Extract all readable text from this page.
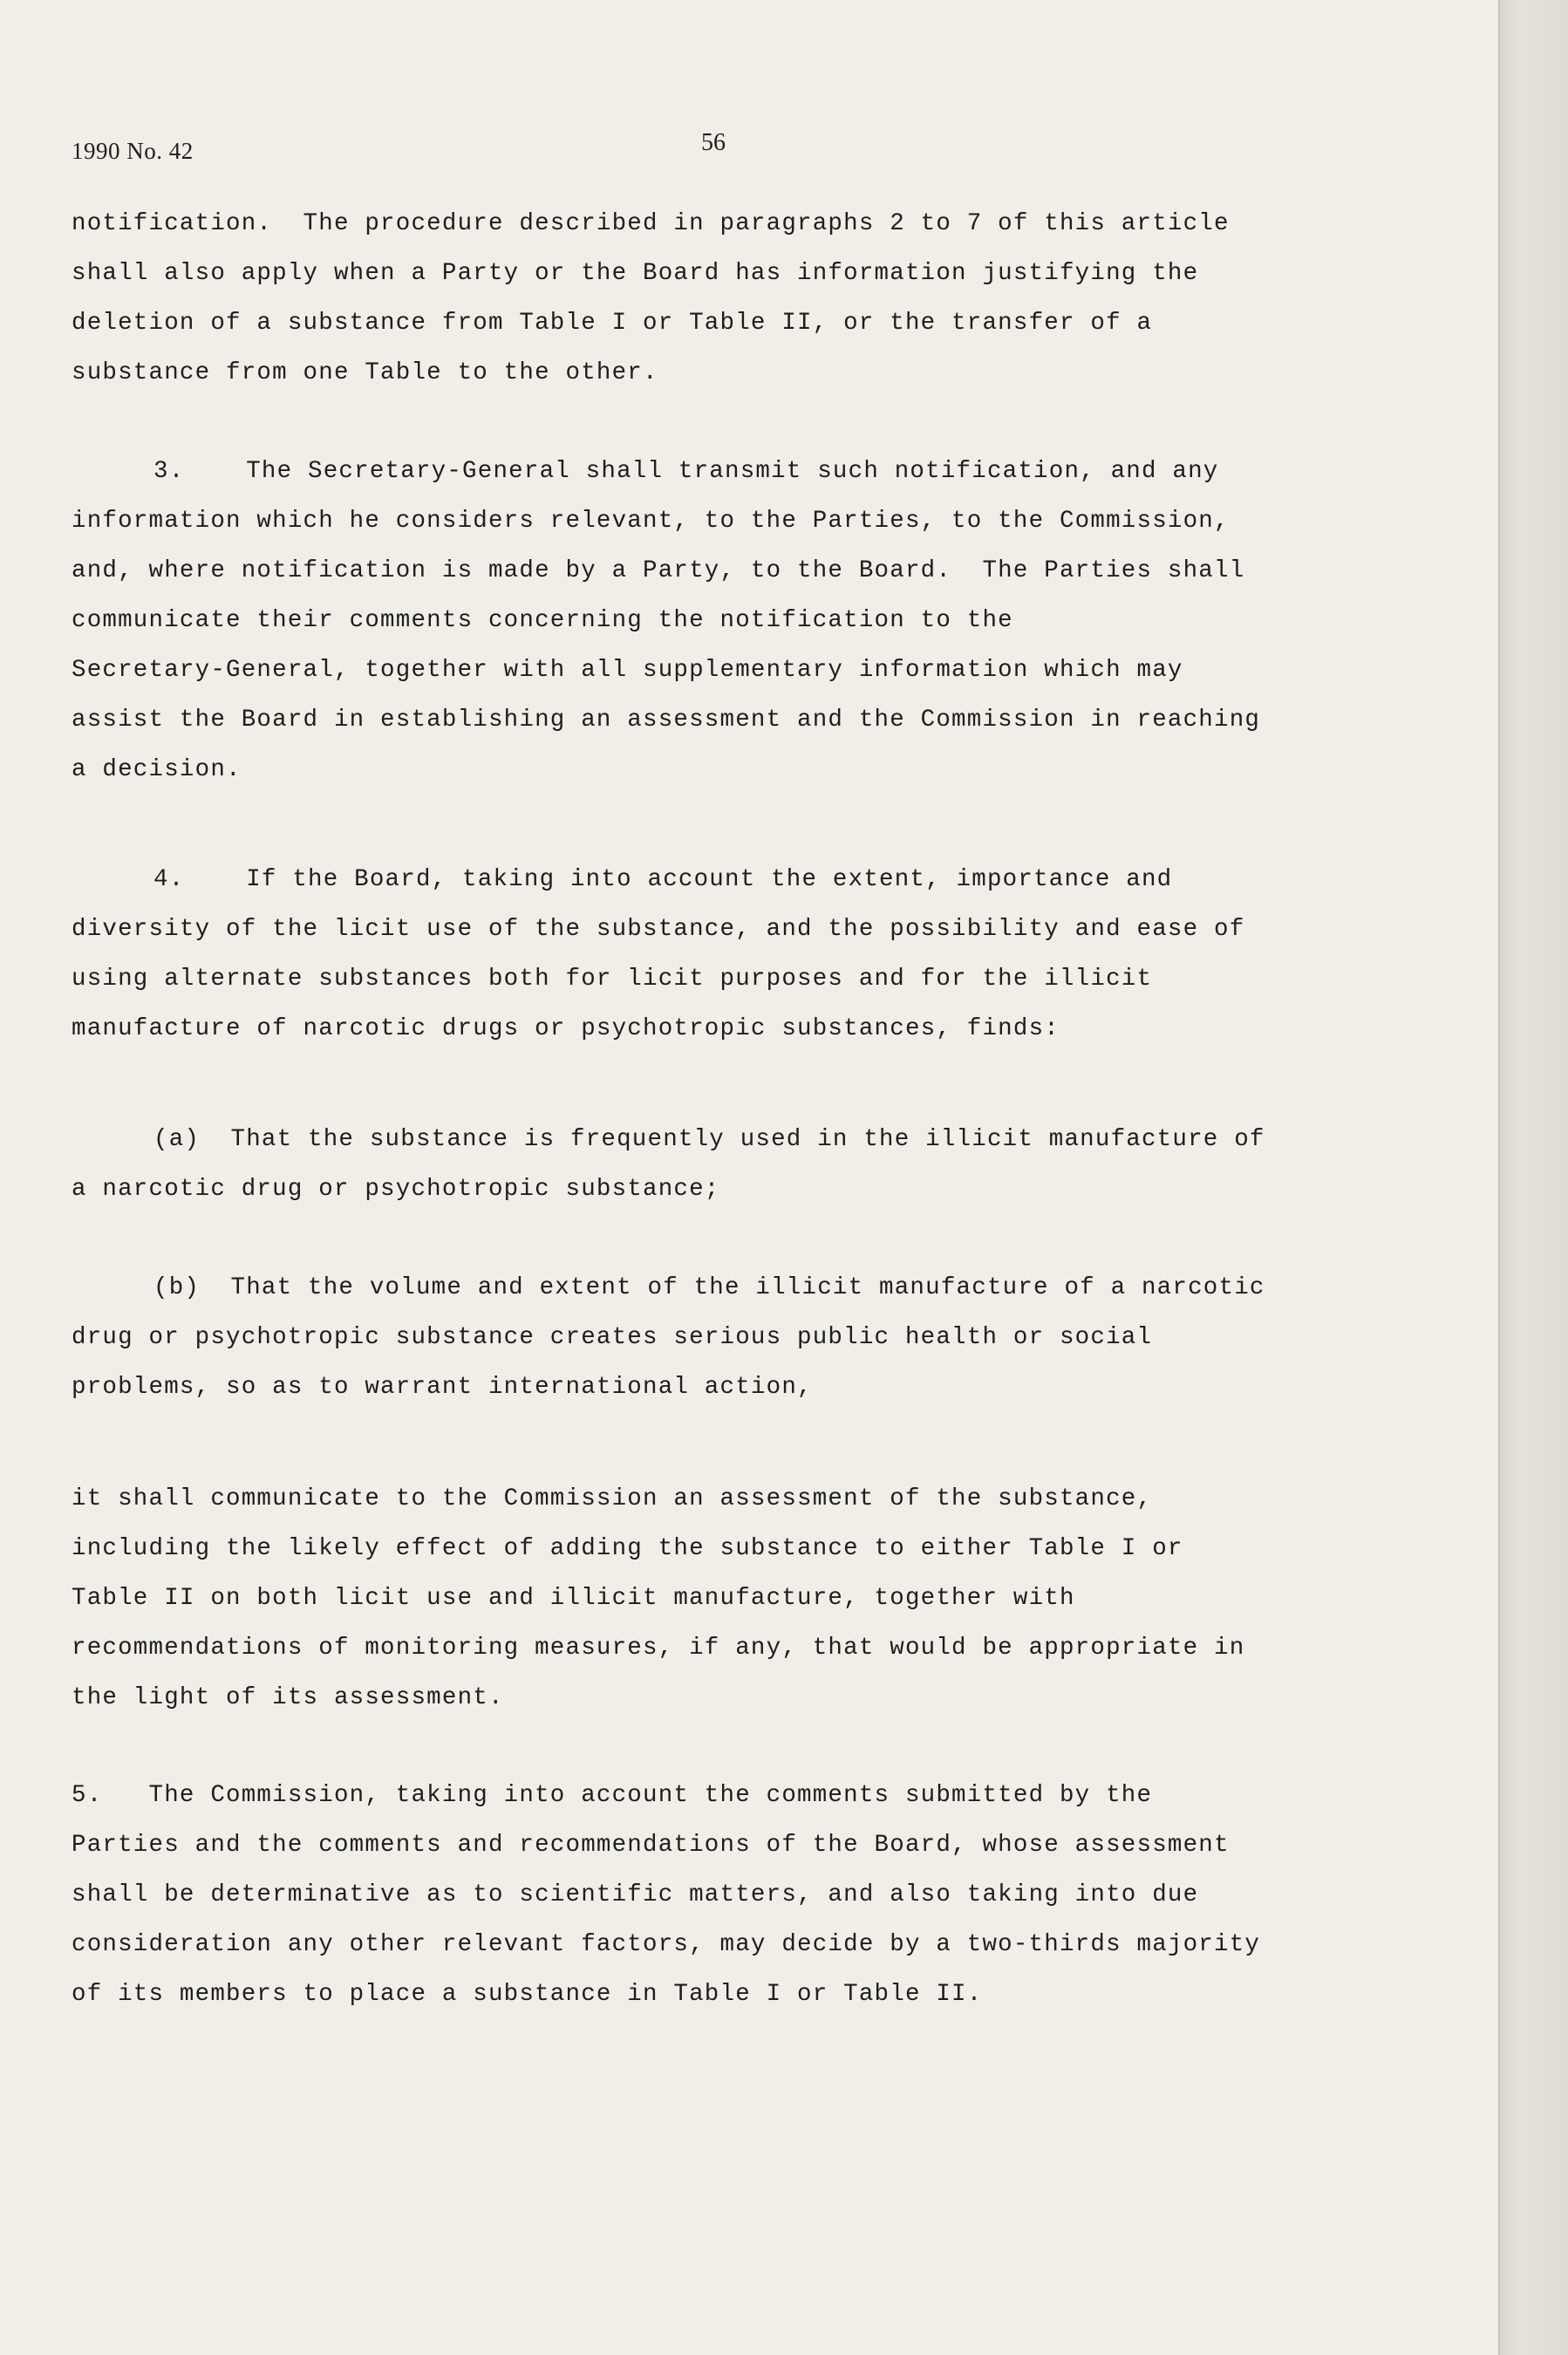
1990 No. 42	56
notification.  The procedure described in paragraphs 2 to 7 of this article
shall also apply when a Party or the Board has information justifying the
deletion of a substance from Table I or Table II, or the transfer of a
substance from one Table to the other.
3.    The Secretary-General shall transmit such notification, and any
information which he considers relevant, to the Parties, to the Commission,
and, where notification is made by a Party, to the Board.  The Parties shall
communicate their comments concerning the notification to the
Secretary-General, together with all supplementary information which may
assist the Board in establishing an assessment and the Commission in reaching
a decision.
4.    If the Board, taking into account the extent, importance and
diversity of the licit use of the substance, and the possibility and ease of
using alternate substances both for licit purposes and for the illicit
manufacture of narcotic drugs or psychotropic substances, finds:
(a)  That the substance is frequently used in the illicit manufacture of
a narcotic drug or psychotropic substance;
(b)  That the volume and extent of the illicit manufacture of a narcotic
drug or psychotropic substance creates serious public health or social
problems, so as to warrant international action,
it shall communicate to the Commission an assessment of the substance,
including the likely effect of adding the substance to either Table I or
Table II on both licit use and illicit manufacture, together with
recommendations of monitoring measures, if any, that would be appropriate in
the light of its assessment.
5.   The Commission, taking into account the comments submitted by the
Parties and the comments and recommendations of the Board, whose assessment
shall be determinative as to scientific matters, and also taking into due
consideration any other relevant factors, may decide by a two-thirds majority
of its members to place a substance in Table I or Table II.
